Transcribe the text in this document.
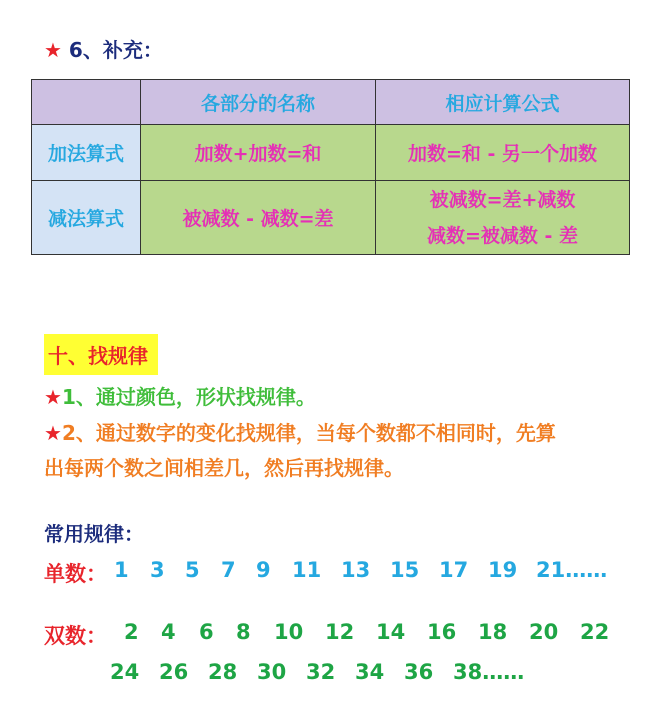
★ 6、补充：
	各部分的名称	相应计算公式
加法算式	加数+加数=和	加数=和 - 另一个加数
减法算式	被减数 - 减数=差	被减数=差+减数
减数=被减数 - 差
十、找规律
★1、通过颜色，形状找规律。
★2、通过数字的变化找规律，当每个数都不相同时，先算
出每两个数之间相差几，然后再找规律。
常用规律：
单数： 1 3 5 7 9 11 13 15 17 19 21……
双数： 2 4 6 8 10 12 14 16 18 20 22
24 26 28 30 32 34 36 38……
